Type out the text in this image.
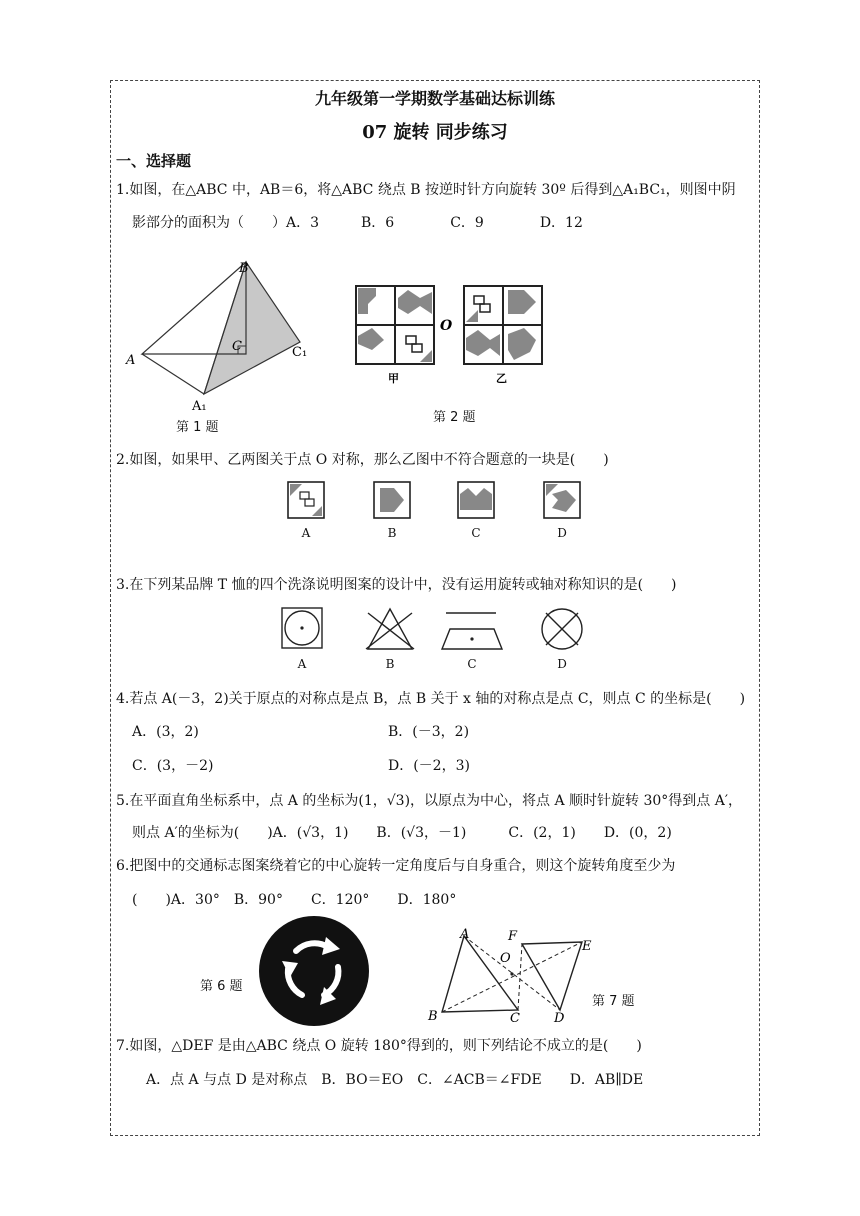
九年级第一学期数学基础达标训练
07 旋转 同步练习
一、选择题
1.如图，在△ABC 中，AB＝6，将△ABC 绕点 B 按逆时针方向旋转 30º 后得到△A₁BC₁，则图中阴
影部分的面积为（　　）A．3　　　B．6　　　　C．9　　　　D．12
B
A
C	C₁
A₁
第 1 题
O
甲	乙
第 2 题
2.如图，如果甲、乙两图关于点 O 对称，那么乙图中不符合题意的一块是(　　)
A	B	C	D
3.在下列某品牌 T 恤的四个洗涤说明图案的设计中，没有运用旋转或轴对称知识的是(　　)
A	B	C	D
4.若点 A(－3，2)关于原点的对称点是点 B，点 B 关于 x 轴的对称点是点 C，则点 C 的坐标是(　　)
A．(3，2)	B．(－3，2)
C．(3，－2)	D．(－2，3)
5.在平面直角坐标系中，点 A 的坐标为(1，√3)，以原点为中心，将点 A 顺时针旋转 30°得到点 A′，
则点 A′的坐标为(　　)A．(√3，1)　　B．(√3，－1)　　　C．(2，1)　　D．(0，2)
6.把图中的交通标志图案绕着它的中心旋转一定角度后与自身重合，则这个旋转角度至少为
(　　)A．30°　B．90°　　C．120°　　D．180°
第 6 题
A	F
E
O
B	C	D
第 7 题
7.如图，△DEF 是由△ABC 绕点 O 旋转 180°得到的，则下列结论不成立的是(　　)
A．点 A 与点 D 是对称点　B．BO＝EO　C．∠ACB＝∠FDE　　D．AB∥DE
